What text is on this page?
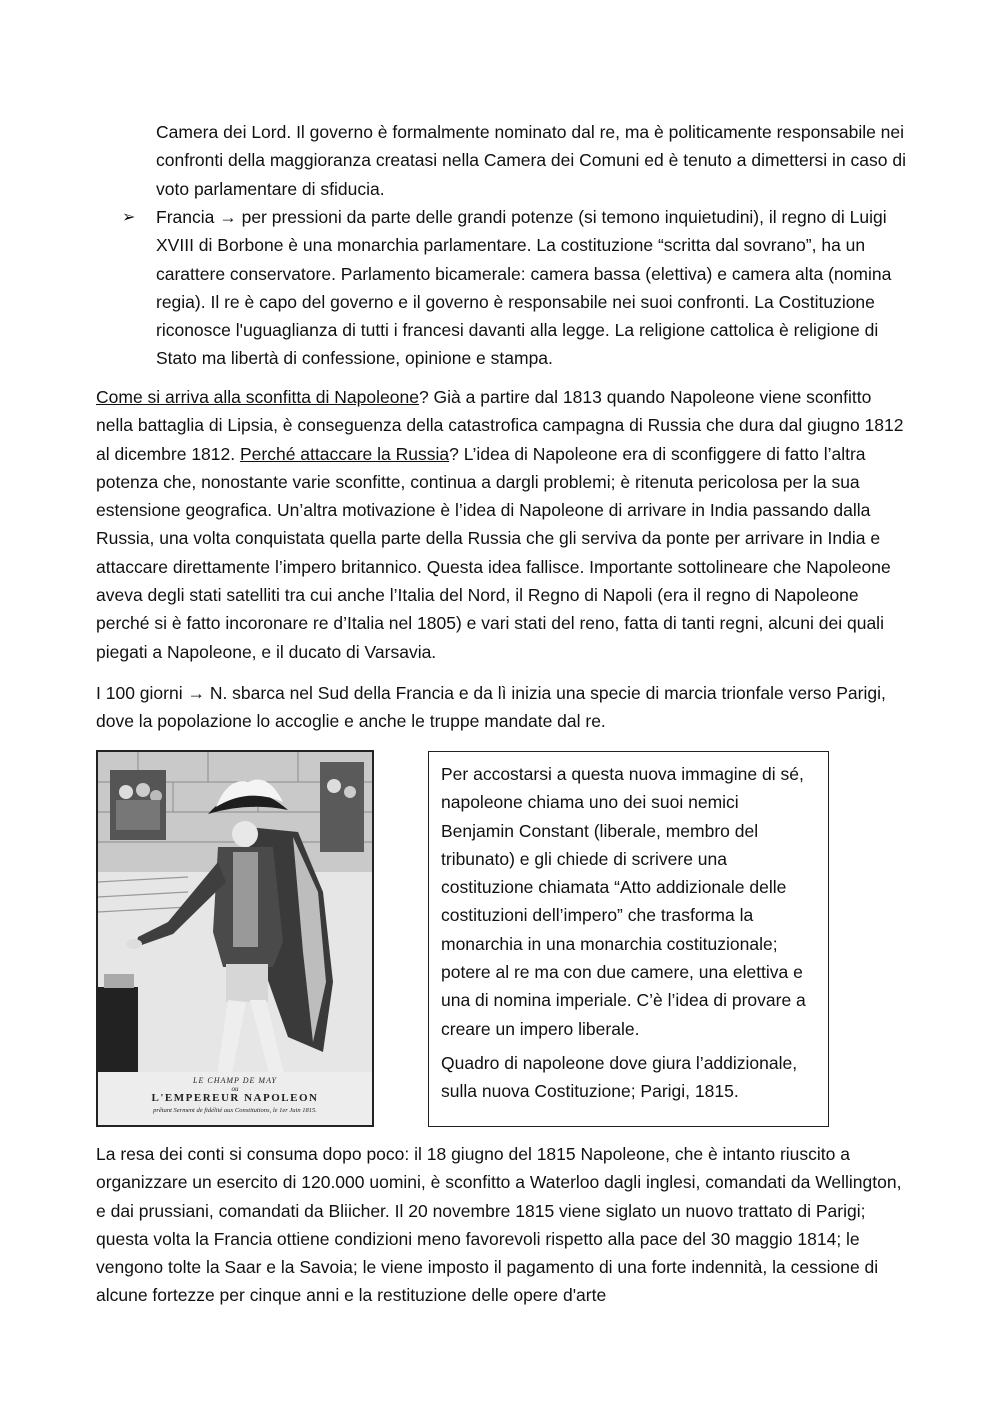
Camera dei Lord. Il governo è formalmente nominato dal re, ma è politicamente responsabile nei confronti della maggioranza creatasi nella Camera dei Comuni ed è tenuto a dimettersi in caso di voto parlamentare di sfiducia.
➢ Francia → per pressioni da parte delle grandi potenze (si temono inquietudini), il regno di Luigi XVIII di Borbone è una monarchia parlamentare. La costituzione “scritta dal sovrano”, ha un carattere conservatore. Parlamento bicamerale: camera bassa (elettiva) e camera alta (nomina regia). Il re è capo del governo e il governo è responsabile nei suoi confronti. La Costituzione riconosce l'uguaglianza di tutti i francesi davanti alla legge. La religione cattolica è religione di Stato ma libertà di confessione, opinione e stampa.
Come si arriva alla sconfitta di Napoleone? Già a partire dal 1813 quando Napoleone viene sconfitto nella battaglia di Lipsia, è conseguenza della catastrofica campagna di Russia che dura dal giugno 1812 al dicembre 1812. Perché attaccare la Russia? L’idea di Napoleone era di sconfiggere di fatto l’altra potenza che, nonostante varie sconfitte, continua a dargli problemi; è ritenuta pericolosa per la sua estensione geografica. Un’altra motivazione è l’idea di Napoleone di arrivare in India passando dalla Russia, una volta conquistata quella parte della Russia che gli serviva da ponte per arrivare in India e attaccare direttamente l’impero britannico. Questa idea fallisce. Importante sottolineare che Napoleone aveva degli stati satelliti tra cui anche l’Italia del Nord, il Regno di Napoli (era il regno di Napoleone perché si è fatto incoronare re d’Italia nel 1805) e vari stati del reno, fatta di tanti regni, alcuni dei quali piegati a Napoleone, e il ducato di Varsavia.
I 100 giorni → N. sbarca nel Sud della Francia e da lì inizia una specie di marcia trionfale verso Parigi, dove la popolazione lo accoglie e anche le truppe mandate dal re.
LE CHAMP DE MAY
ou
L'EMPEREUR NAPOLEON
prêtant Serment de fidélité aux Constitutions, le 1er Juin 1815.

Per accostarsi a questa nuova immagine di sé, napoleone chiama uno dei suoi nemici Benjamin Constant (liberale, membro del tribunato) e gli chiede di scrivere una costituzione chiamata “Atto addizionale delle costituzioni dell’impero” che trasforma la monarchia in una monarchia costituzionale; potere al re ma con due camere, una elettiva e una di nomina imperiale. C’è l’idea di provare a creare un impero liberale.

Quadro di napoleone dove giura l’addizionale, sulla nuova Costituzione; Parigi, 1815.

La resa dei conti si consuma dopo poco: il 18 giugno del 1815 Napoleone, che è intanto riuscito a organizzare un esercito di 120.000 uomini, è sconfitto a Waterloo dagli inglesi, comandati da Wellington, e dai prussiani, comandati da Bliicher. Il 20 novembre 1815 viene siglato un nuovo trattato di Parigi; questa volta la Francia ottiene condizioni meno favorevoli rispetto alla pace del 30 maggio 1814; le vengono tolte la Saar e la Savoia; le viene imposto il pagamento di una forte indennità, la cessione di alcune fortezze per cinque anni e la restituzione delle opere d'arte
